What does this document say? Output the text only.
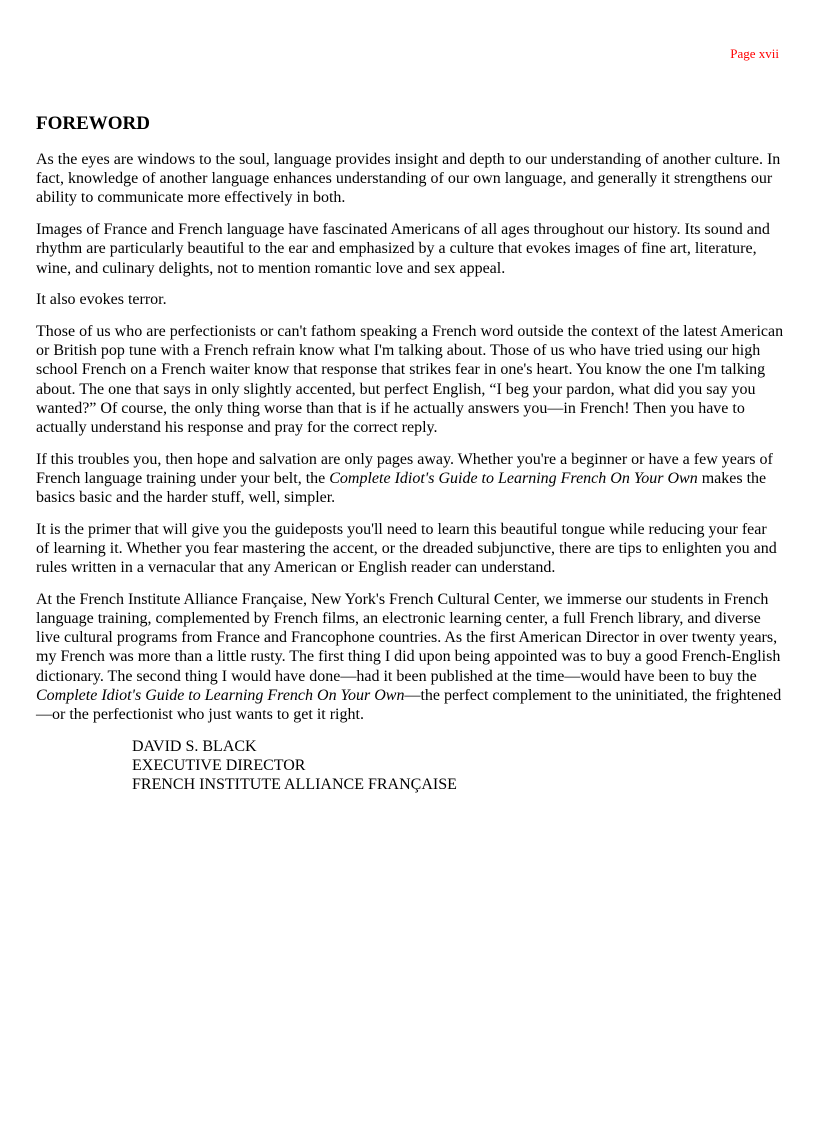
Page xvii
FOREWORD

As the eyes are windows to the soul, language provides insight and depth to our understanding of another culture. In fact, knowledge of another language enhances understanding of our own language, and generally it strengthens our ability to communicate more effectively in both.

Images of France and French language have fascinated Americans of all ages throughout our history. Its sound and rhythm are particularly beautiful to the ear and emphasized by a culture that evokes images of fine art, literature, wine, and culinary delights, not to mention romantic love and sex appeal.

It also evokes terror.

Those of us who are perfectionists or can't fathom speaking a French word outside the context of the latest American or British pop tune with a French refrain know what I'm talking about. Those of us who have tried using our high school French on a French waiter know that response that strikes fear in one's heart. You know the one I'm talking about. The one that says in only slightly accented, but perfect English, “I beg your pardon, what did you say you wanted?” Of course, the only thing worse than that is if he actually answers you—in French! Then you have to actually understand his response and pray for the correct reply.

If this troubles you, then hope and salvation are only pages away. Whether you're a beginner or have a few years of French language training under your belt, the Complete Idiot's Guide to Learning French On Your Own makes the basics basic and the harder stuff, well, simpler.

It is the primer that will give you the guideposts you'll need to learn this beautiful tongue while reducing your fear of learning it. Whether you fear mastering the accent, or the dreaded subjunctive, there are tips to enlighten you and rules written in a vernacular that any American or English reader can understand.

At the French Institute Alliance Française, New York's French Cultural Center, we immerse our students in French language training, complemented by French films, an electronic learning center, a full French library, and diverse live cultural programs from France and Francophone countries. As the first American Director in over twenty years, my French was more than a little rusty. The first thing I did upon being appointed was to buy a good French-English dictionary. The second thing I would have done—had it been published at the time—would have been to buy the Complete Idiot's Guide to Learning French On Your Own—the perfect complement to the uninitiated, the frightened—or the perfectionist who just wants to get it right.

DAVID S. BLACK
EXECUTIVE DIRECTOR
FRENCH INSTITUTE ALLIANCE FRANÇAISE
